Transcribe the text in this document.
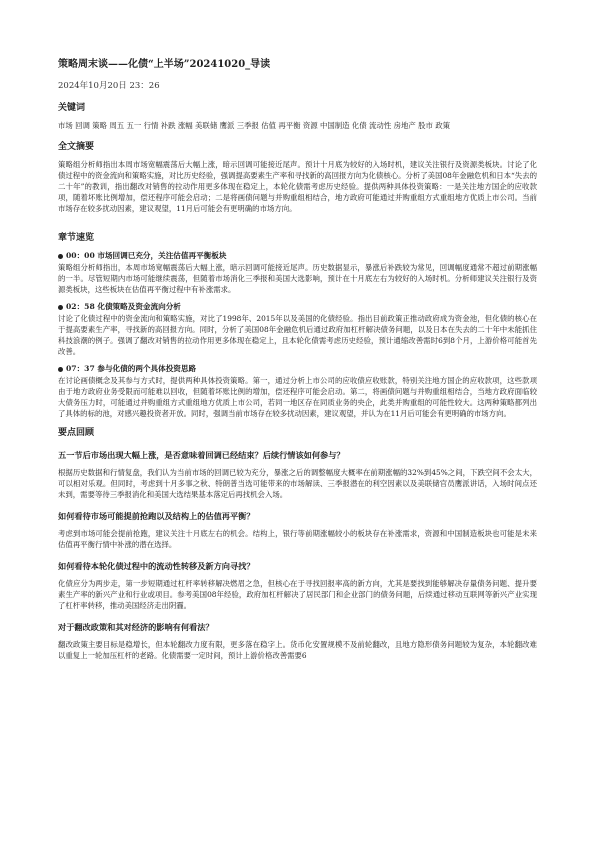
策略周末谈——化债“上半场”20241020_导读
2024年10月20日 23：26
关键词
市场 回调 策略 周五 五一 行情 补跌 涨幅 美联储 鹰派 三季报 估值 再平衡 资源 中国制造 化债 流动性 房地产 股市 政策
全文摘要
策略组分析师指出本周市场宽幅震荡后大幅上涨，暗示回调可能接近尾声。预计十月底为较好的入场时机，建议关注银行及资源类板块。讨论了化债过程中的资金流向和策略实施，对比历史经验，强调提高要素生产率和寻找新的高回报方向为化债核心。分析了美国08年金融危机和日本“失去的二十年”的教训，指出翻改对销售的拉动作用更多体现在稳定上，本轮化债需考虑历史经验。提供两种具体投资策略：一是关注地方国企的应收款项，随着坏账比例增加，偿还程序可能会启动；二是将画债问题与并购重组相结合，地方政府可能通过并购重组方式重组地方优质上市公司。当前市场存在较多扰动因素，建议观望，11月后可能会有更明确的市场方向。
章节速览
00：00 市场回调已充分，关注估值再平衡板块
策略组分析师指出，本周市场宽幅震荡后大幅上涨，暗示回调可能接近尾声。历史数据显示，暴涨后补跌较为常见，回调幅度通常不超过前期涨幅的一半。尽管短期内市场可能继续震荡，但随着市场消化三季报和美国大选影响，预计在十月底左右为较好的入场时机。分析师建议关注银行及资源类板块，这些板块在估值再平衡过程中有补涨需求。
02：58 化债策略及资金流向分析
讨论了化债过程中的资金流向和策略实施，对比了1998年、2015年以及美国的化债经验。指出目前政策正推动政府成为资金池，但化债的核心在于提高要素生产率，寻找新的高回报方向。同时，分析了美国08年金融危机后通过政府加杠杆解决债务问题，以及日本在失去的二十年中未能抓住科技浪潮的例子。强调了翻改对销售的拉动作用更多体现在稳定上，且本轮化债需考虑历史经验，预计通缩改善需时6到8个月，上游价格可能首先改善。
07：37 参与化债的两个具体投资思路
在讨论画债概念及其参与方式时，提供两种具体投资策略。第一，通过分析上市公司的应收债应收账款，特别关注地方国企的应收款项，这些款项由于地方政府业务受限而可能难以回收，但随着坏账比例的增加，偿还程序可能会启动。第二，将画债问题与并购重组相结合，当地方政府面临较大债务压力时，可能通过并购重组方式重组地方优质上市公司，若同一地区存在同质业务的央企，此类并购重组的可能性较大。这两种策略都列出了具体的标的池，对感兴趣投资者开放。同时，强调当前市场存在较多扰动因素，建议观望，并认为在11月后可能会有更明确的市场方向。
要点回顾
五一节后市场出现大幅上涨，是否意味着回调已经结束？后续行情该如何参与？
根据历史数据和行情复盘，我们认为当前市场的回调已较为充分，暴涨之后的调整幅度大概率在前期涨幅的32%到45%之间，下跌空间不会太大，可以相对乐观。但同时，考虑到十月多事之秋、特朗普当选可能带来的市场解读、三季报潜在的利空因素以及美联储官员鹰派讲话，入场时间点还未到，需要等待三季报消化和美国大选结果基本落定后再找机会入场。
如何看待市场可能提前抢跑以及结构上的估值再平衡？
考虑到市场可能会提前抢跑，建议关注十月底左右的机会。结构上，银行等前期涨幅较小的板块存在补涨需求，资源和中国制造板块也可能是未来估值再平衡行情中补涨的潜在选择。
如何看待本轮化债过程中的流动性转移及新方向寻找？
化债应分为两步走，第一步短期通过杠杆率转移解决燃眉之急，但核心在于寻找回报率高的新方向，尤其是要找到能够解决存量债务问题、提升要素生产率的新兴产业和行业或项目。参考美国08年经验，政府加杠杆解决了居民部门和企业部门的债务问题，后续通过移动互联网等新兴产业实现了杠杆率转移，推动美国经济走出阴霾。
对于翻改政策和其对经济的影响有何看法？
翻改政策主要目标是稳增长，但本轮翻改力度有限，更多落在稳字上。货币化安置规模不及前轮翻改，且地方隐形债务问题较为复杂，本轮翻改难以重复上一轮加压杠杆的老路。化债需要一定时间，预计上游价格改善需要6
